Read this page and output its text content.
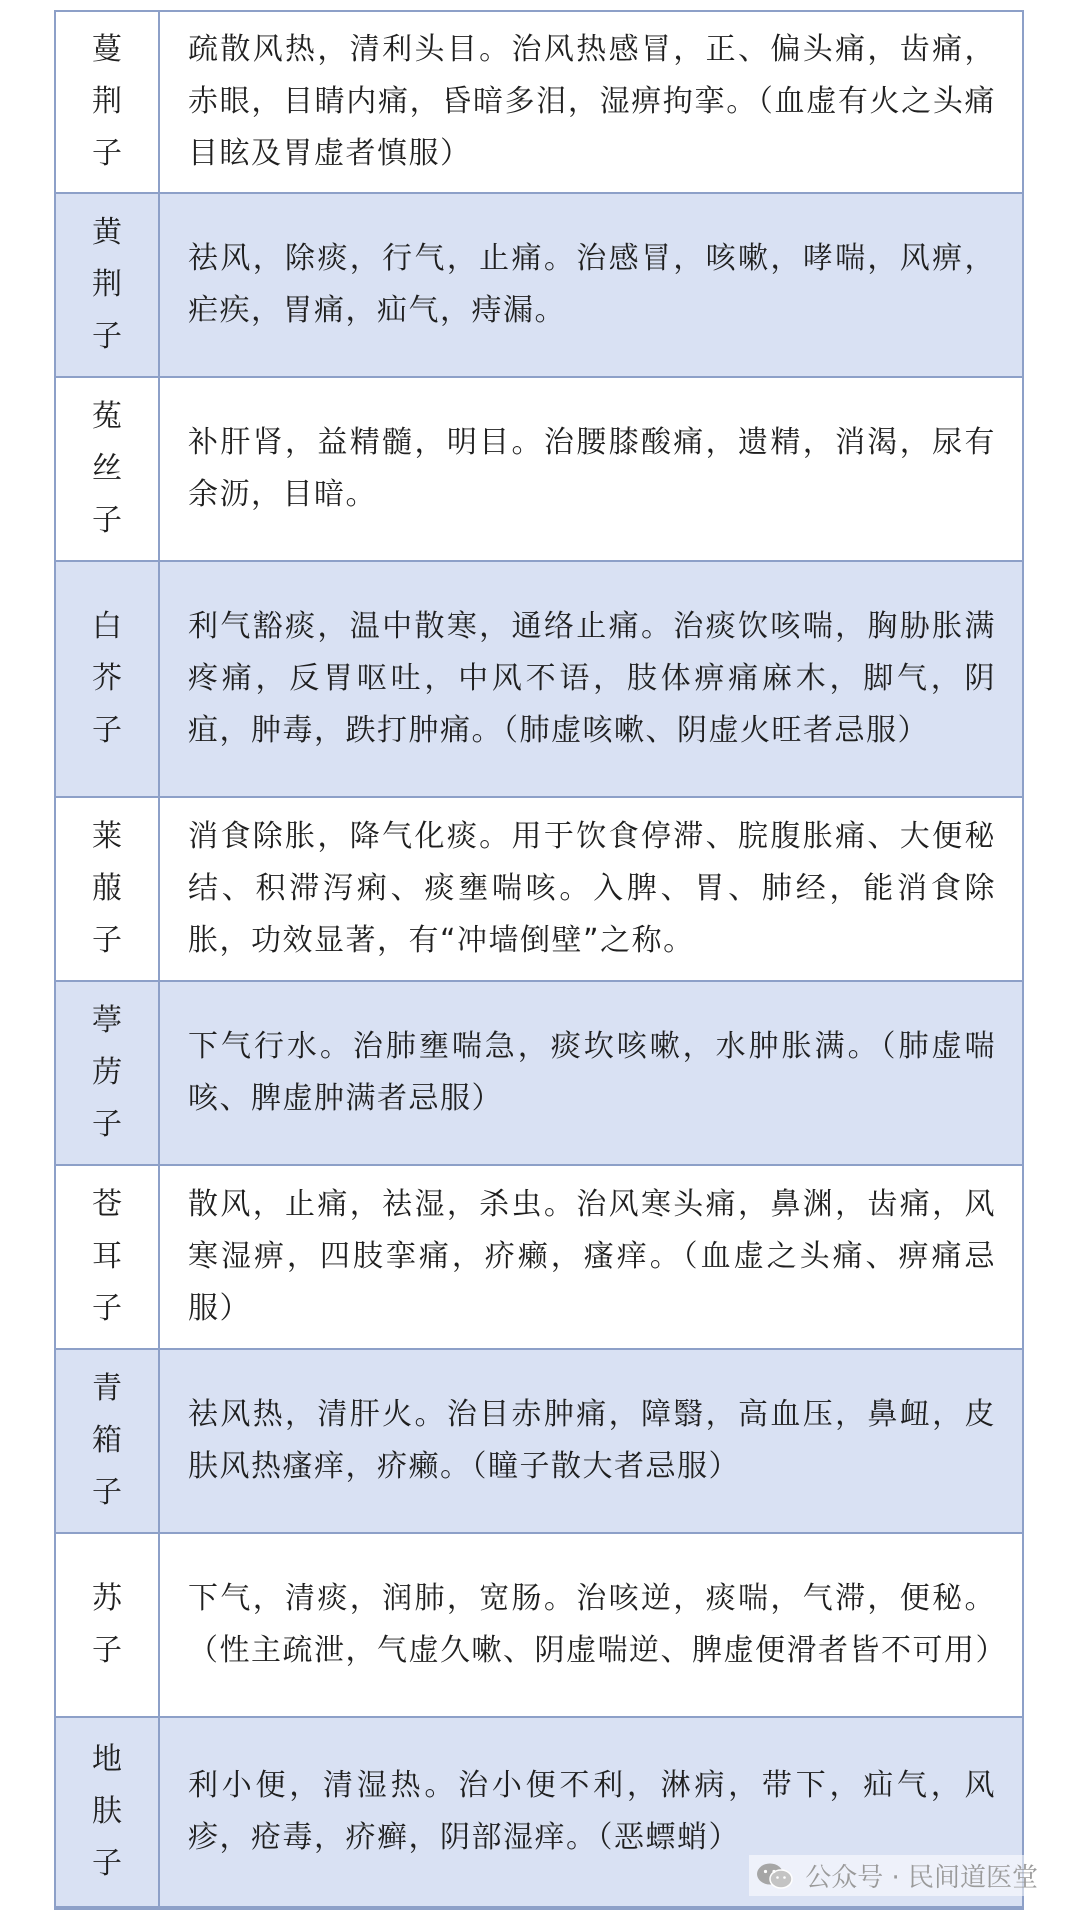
蔓
荆
子	疏散风热，清利头目。治风热感冒，正、偏头痛，齿痛，赤眼，目睛内痛，昏暗多泪，湿痹拘挛。（血虚有火之头痛目眩及胃虚者慎服）

黄
荆
子	祛风，除痰，行气，止痛。治感冒，咳嗽，哮喘，风痹，疟疾，胃痛，疝气，痔漏。

菟
丝
子	补肝肾，益精髓，明目。治腰膝酸痛，遗精，消渴，尿有余沥，目暗。

白
芥
子	利气豁痰，温中散寒，通络止痛。治痰饮咳喘，胸胁胀满疼痛，反胃呕吐，中风不语，肢体痹痛麻木，脚气，阴疽，肿毒，跌打肿痛。（肺虚咳嗽、阴虚火旺者忌服）

莱
菔
子	消食除胀，降气化痰。用于饮食停滞、脘腹胀痛、大便秘结、积滞泻痢、痰壅喘咳。入脾、胃、肺经，能消食除胀，功效显著，有“冲墙倒壁”之称。

葶
苈
子	下气行水。治肺壅喘急，痰坎咳嗽，水肿胀满。（肺虚喘咳、脾虚肿满者忌服）

苍
耳
子	散风，止痛，祛湿，杀虫。治风寒头痛，鼻渊，齿痛，风寒湿痹，四肢挛痛，疥癞，瘙痒。（血虚之头痛、痹痛忌服）

青
箱
子	祛风热，清肝火。治目赤肿痛，障翳，高血压，鼻衄，皮肤风热瘙痒，疥癞。（瞳子散大者忌服）

苏
子	下气，清痰，润肺，宽肠。治咳逆，痰喘，气滞，便秘。（性主疏泄，气虚久嗽、阴虚喘逆、脾虚便滑者皆不可用）

地
肤
子	利小便，清湿热。治小便不利，淋病，带下，疝气，风疹，疮毒，疥癣，阴部湿痒。（恶螵蛸）
公众号 · 民间道医堂
